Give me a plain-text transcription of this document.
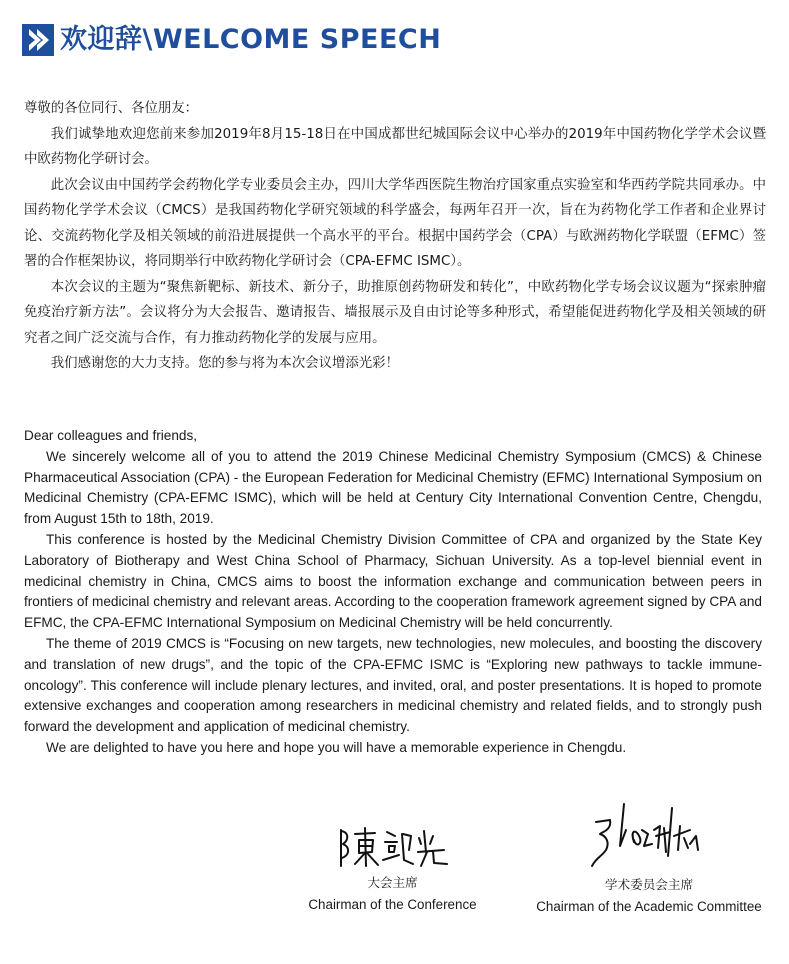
欢迎辞\WELCOME SPEECH

尊敬的各位同行、各位朋友：

我们诚挚地欢迎您前来参加2019年8月15-18日在中国成都世纪城国际会议中心举办的2019年中国药物化学学术会议暨中欧药物化学研讨会。

此次会议由中国药学会药物化学专业委员会主办，四川大学华西医院生物治疗国家重点实验室和华西药学院共同承办。中国药物化学学术会议（CMCS）是我国药物化学研究领域的科学盛会，每两年召开一次，旨在为药物化学工作者和企业界讨论、交流药物化学及相关领域的前沿进展提供一个高水平的平台。根据中国药学会（CPA）与欧洲药物化学联盟（EFMC）签署的合作框架协议，将同期举行中欧药物化学研讨会（CPA-EFMC ISMC）。

本次会议的主题为“聚焦新靶标、新技术、新分子，助推原创药物研发和转化”，中欧药物化学专场会议议题为“探索肿瘤免疫治疗新方法”。会议将分为大会报告、邀请报告、墙报展示及自由讨论等多种形式，希望能促进药物化学及相关领域的研究者之间广泛交流与合作，有力推动药物化学的发展与应用。

我们感谢您的大力支持。您的参与将为本次会议增添光彩！

Dear colleagues and friends,

We sincerely welcome all of you to attend the 2019 Chinese Medicinal Chemistry Symposium (CMCS) & Chinese Pharmaceutical Association (CPA) - the European Federation for Medicinal Chemistry (EFMC) International Symposium on Medicinal Chemistry (CPA-EFMC ISMC), which will be held at Century City International Convention Centre, Chengdu, from August 15th to 18th, 2019.

This conference is hosted by the Medicinal Chemistry Division Committee of CPA and organized by the State Key Laboratory of Biotherapy and West China School of Pharmacy, Sichuan University. As a top-level biennial event in medicinal chemistry in China, CMCS aims to boost the information exchange and communication between peers in frontiers of medicinal chemistry and relevant areas. According to the cooperation framework agreement signed by CPA and EFMC, the CPA-EFMC International Symposium on Medicinal Chemistry will be held concurrently.

The theme of 2019 CMCS is “Focusing on new targets, new technologies, new molecules, and boosting the discovery and translation of new drugs”, and the topic of the CPA-EFMC ISMC is “Exploring new pathways to tackle immune-oncology”. This conference will include plenary lectures, and invited, oral, and poster presentations. It is hoped to promote extensive exchanges and cooperation among researchers in medicinal chemistry and related fields, and to strongly push forward the development and application of medicinal chemistry.

We are delighted to have you here and hope you will have a memorable experience in Chengdu.

大会主席
Chairman of the Conference
学术委员会主席
Chairman of the Academic Committee
